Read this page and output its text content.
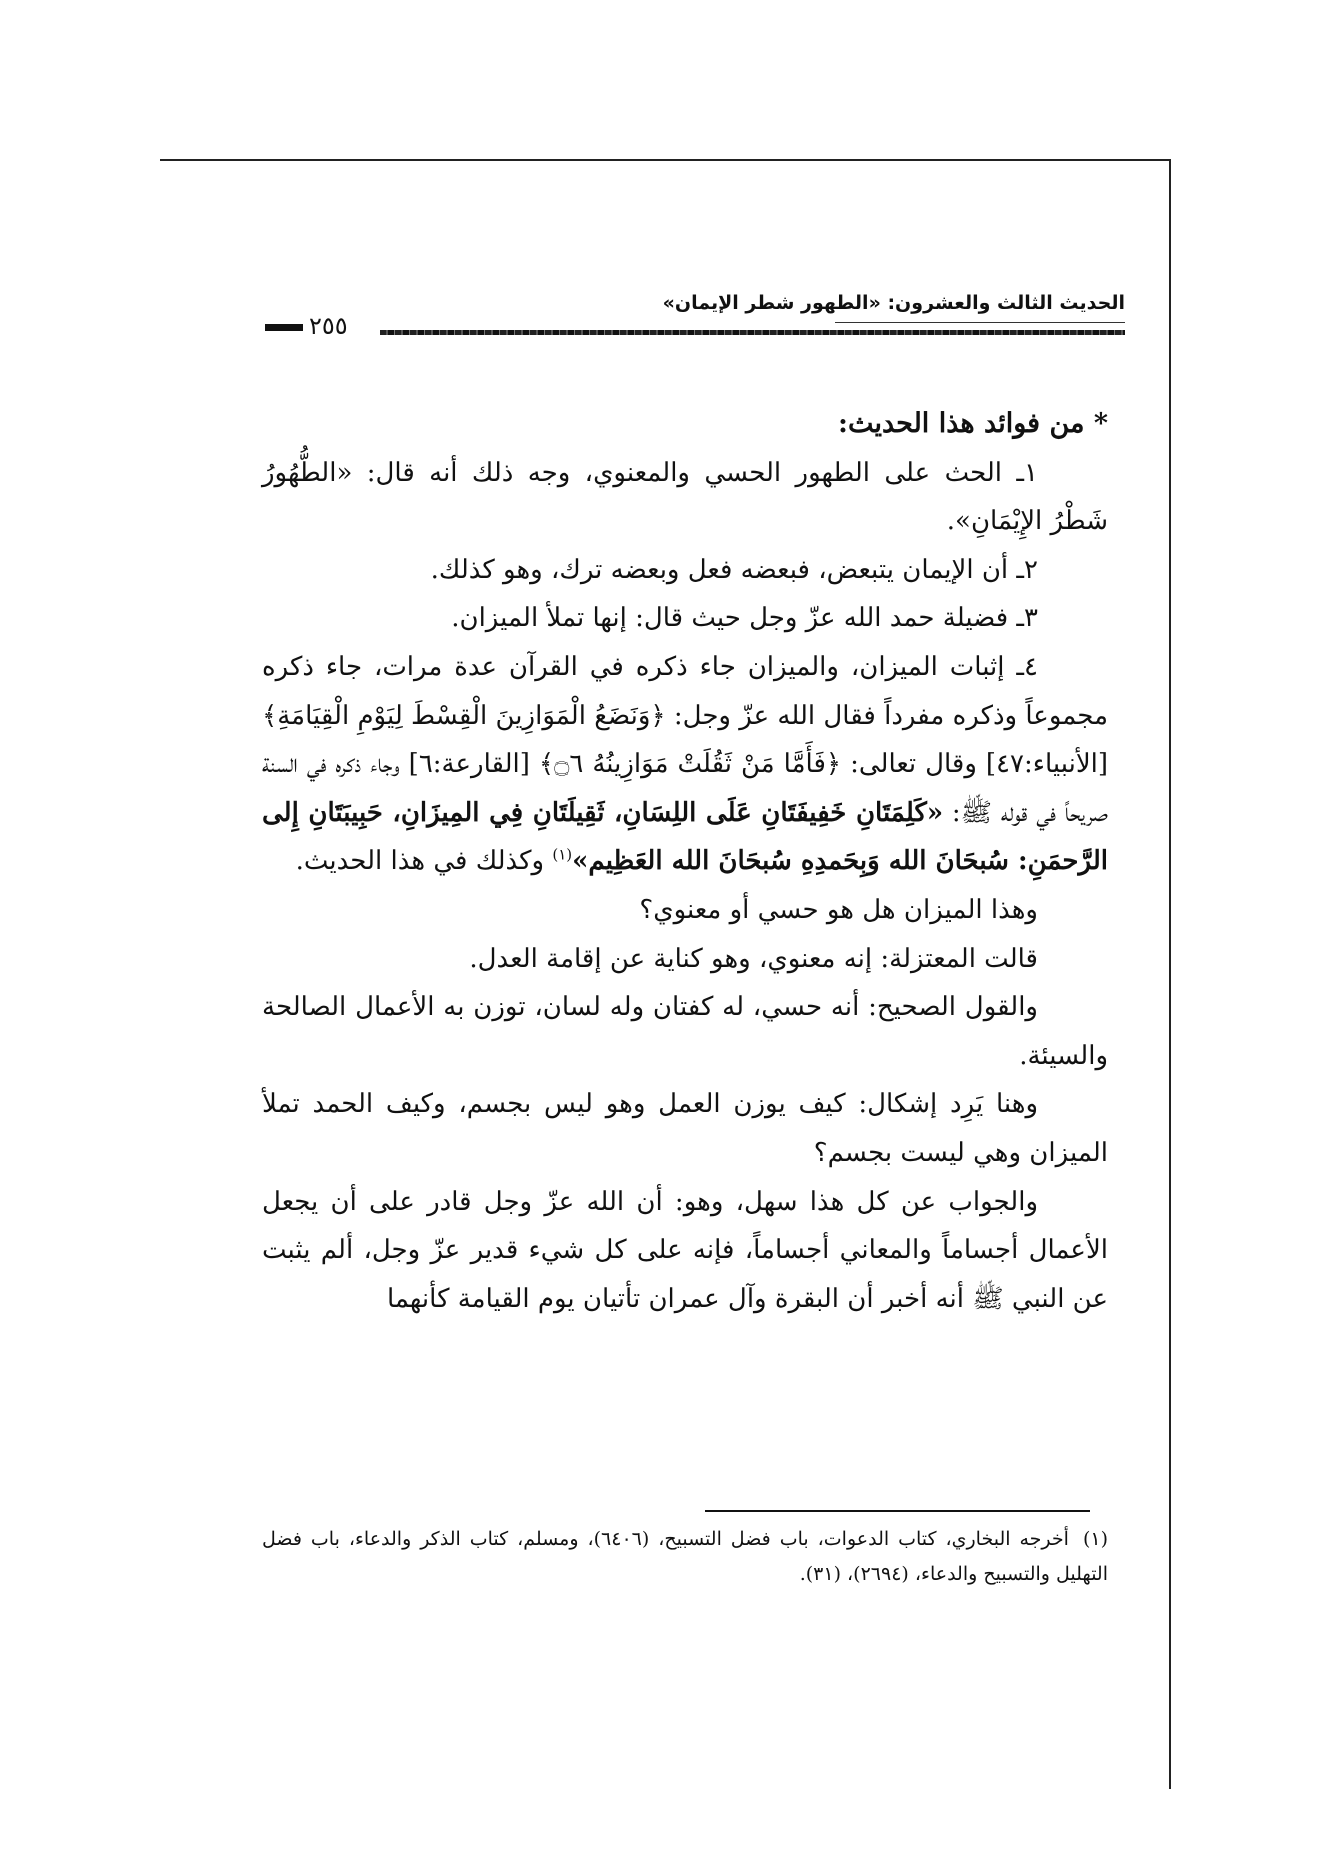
الحديث الثالث والعشرون: «الطهور شطر الإيمان»
٢٥٥

* من فوائد هذا الحديث:

١ـ الحث على الطهور الحسي والمعنوي، وجه ذلك أنه قال: «الطُّهُورُ شَطْرُ الإِيْمَانِ».

٢ـ أن الإيمان يتبعض، فبعضه فعل وبعضه ترك، وهو كذلك.

٣ـ فضيلة حمد الله عزّ وجل حيث قال: إنها تملأ الميزان.

٤ـ إثبات الميزان، والميزان جاء ذكره في القرآن عدة مرات، جاء ذكره مجموعاً وذكره مفرداً فقال الله عزّ وجل: ﴿وَنَضَعُ الْمَوَازِينَ الْقِسْطَ لِيَوْمِ الْقِيَامَةِ﴾ [الأنبياء:٤٧] وقال تعالى: ﴿فَأَمَّا مَنْ ثَقُلَتْ مَوَازِينُهُ ۝٦﴾ [القارعة:٦] وجاء ذكره في السنة صريحاً في قوله ﷺ: «كَلِمَتَانِ خَفِيفَتَانِ عَلَى اللِسَانِ، ثَقِيلَتَانِ فِي المِيزَانِ، حَبِيبَتَانِ إِلى الرَّحمَنِ: سُبحَانَ الله وَبِحَمدِهِ سُبحَانَ الله العَظِيم»$^{(١)}$ وكذلك في هذا الحديث.

وهذا الميزان هل هو حسي أو معنوي؟

قالت المعتزلة: إنه معنوي، وهو كناية عن إقامة العدل.

والقول الصحيح: أنه حسي، له كفتان وله لسان، توزن به الأعمال الصالحة والسيئة.

وهنا يَرِد إشكال: كيف يوزن العمل وهو ليس بجسم، وكيف الحمد تملأ الميزان وهي ليست بجسم؟

والجواب عن كل هذا سهل، وهو: أن الله عزّ وجل قادر على أن يجعل الأعمال أجساماً والمعاني أجساماً، فإنه على كل شيء قدير عزّ وجل، ألم يثبت عن النبي ﷺ أنه أخبر أن البقرة وآل عمران تأتيان يوم القيامة كأنهما

(١)أخرجه البخاري، كتاب الدعوات، باب فضل التسبيح، (٦٤٠٦)، ومسلم، كتاب الذكر والدعاء، باب فضل التهليل والتسبيح والدعاء، (٢٦٩٤)، (٣١).
